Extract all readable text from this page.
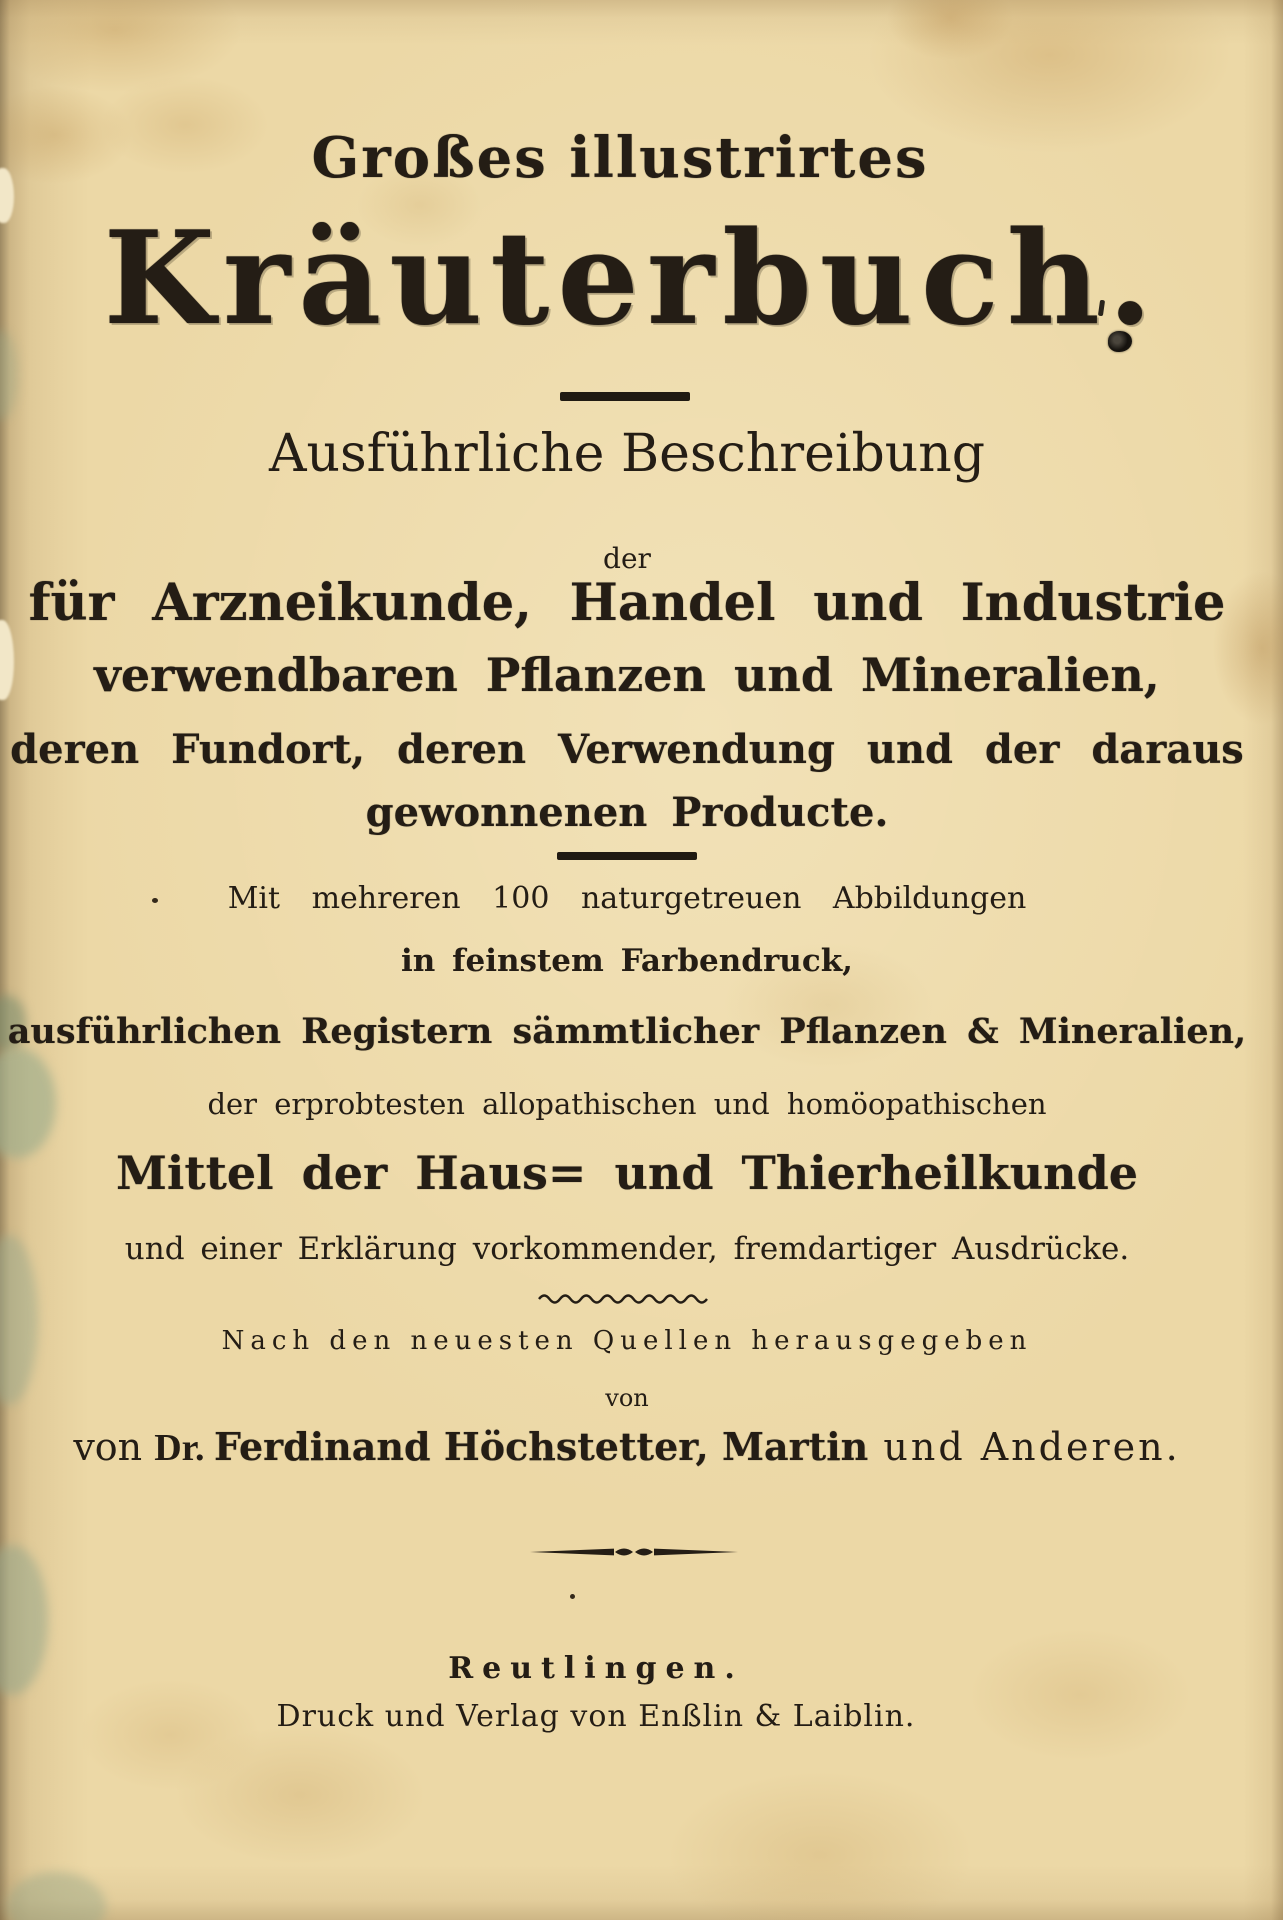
Großes illustrirtes
Kräuterbuch.
Ausführliche Beschreibung
der
für Arzneikunde, Handel und Industrie
verwendbaren Pflanzen und Mineralien,
deren Fundort, deren Verwendung und der daraus
gewonnenen Producte.
Mit mehreren 100 naturgetreuen Abbildungen
in feinstem Farbendruck,
ausführlichen Registern sämmtlicher Pflanzen & Mineralien,
der erprobtesten allopathischen und homöopathischen
Mittel der Haus= und Thierheilkunde
und einer Erklärung vorkommender, fremdartiger Ausdrücke.
Nach den neuesten Quellen herausgegeben
von
von Dr. Ferdinand Höchstetter, Martin und Anderen.
Reutlingen.
Druck und Verlag von Enßlin & Laiblin.
